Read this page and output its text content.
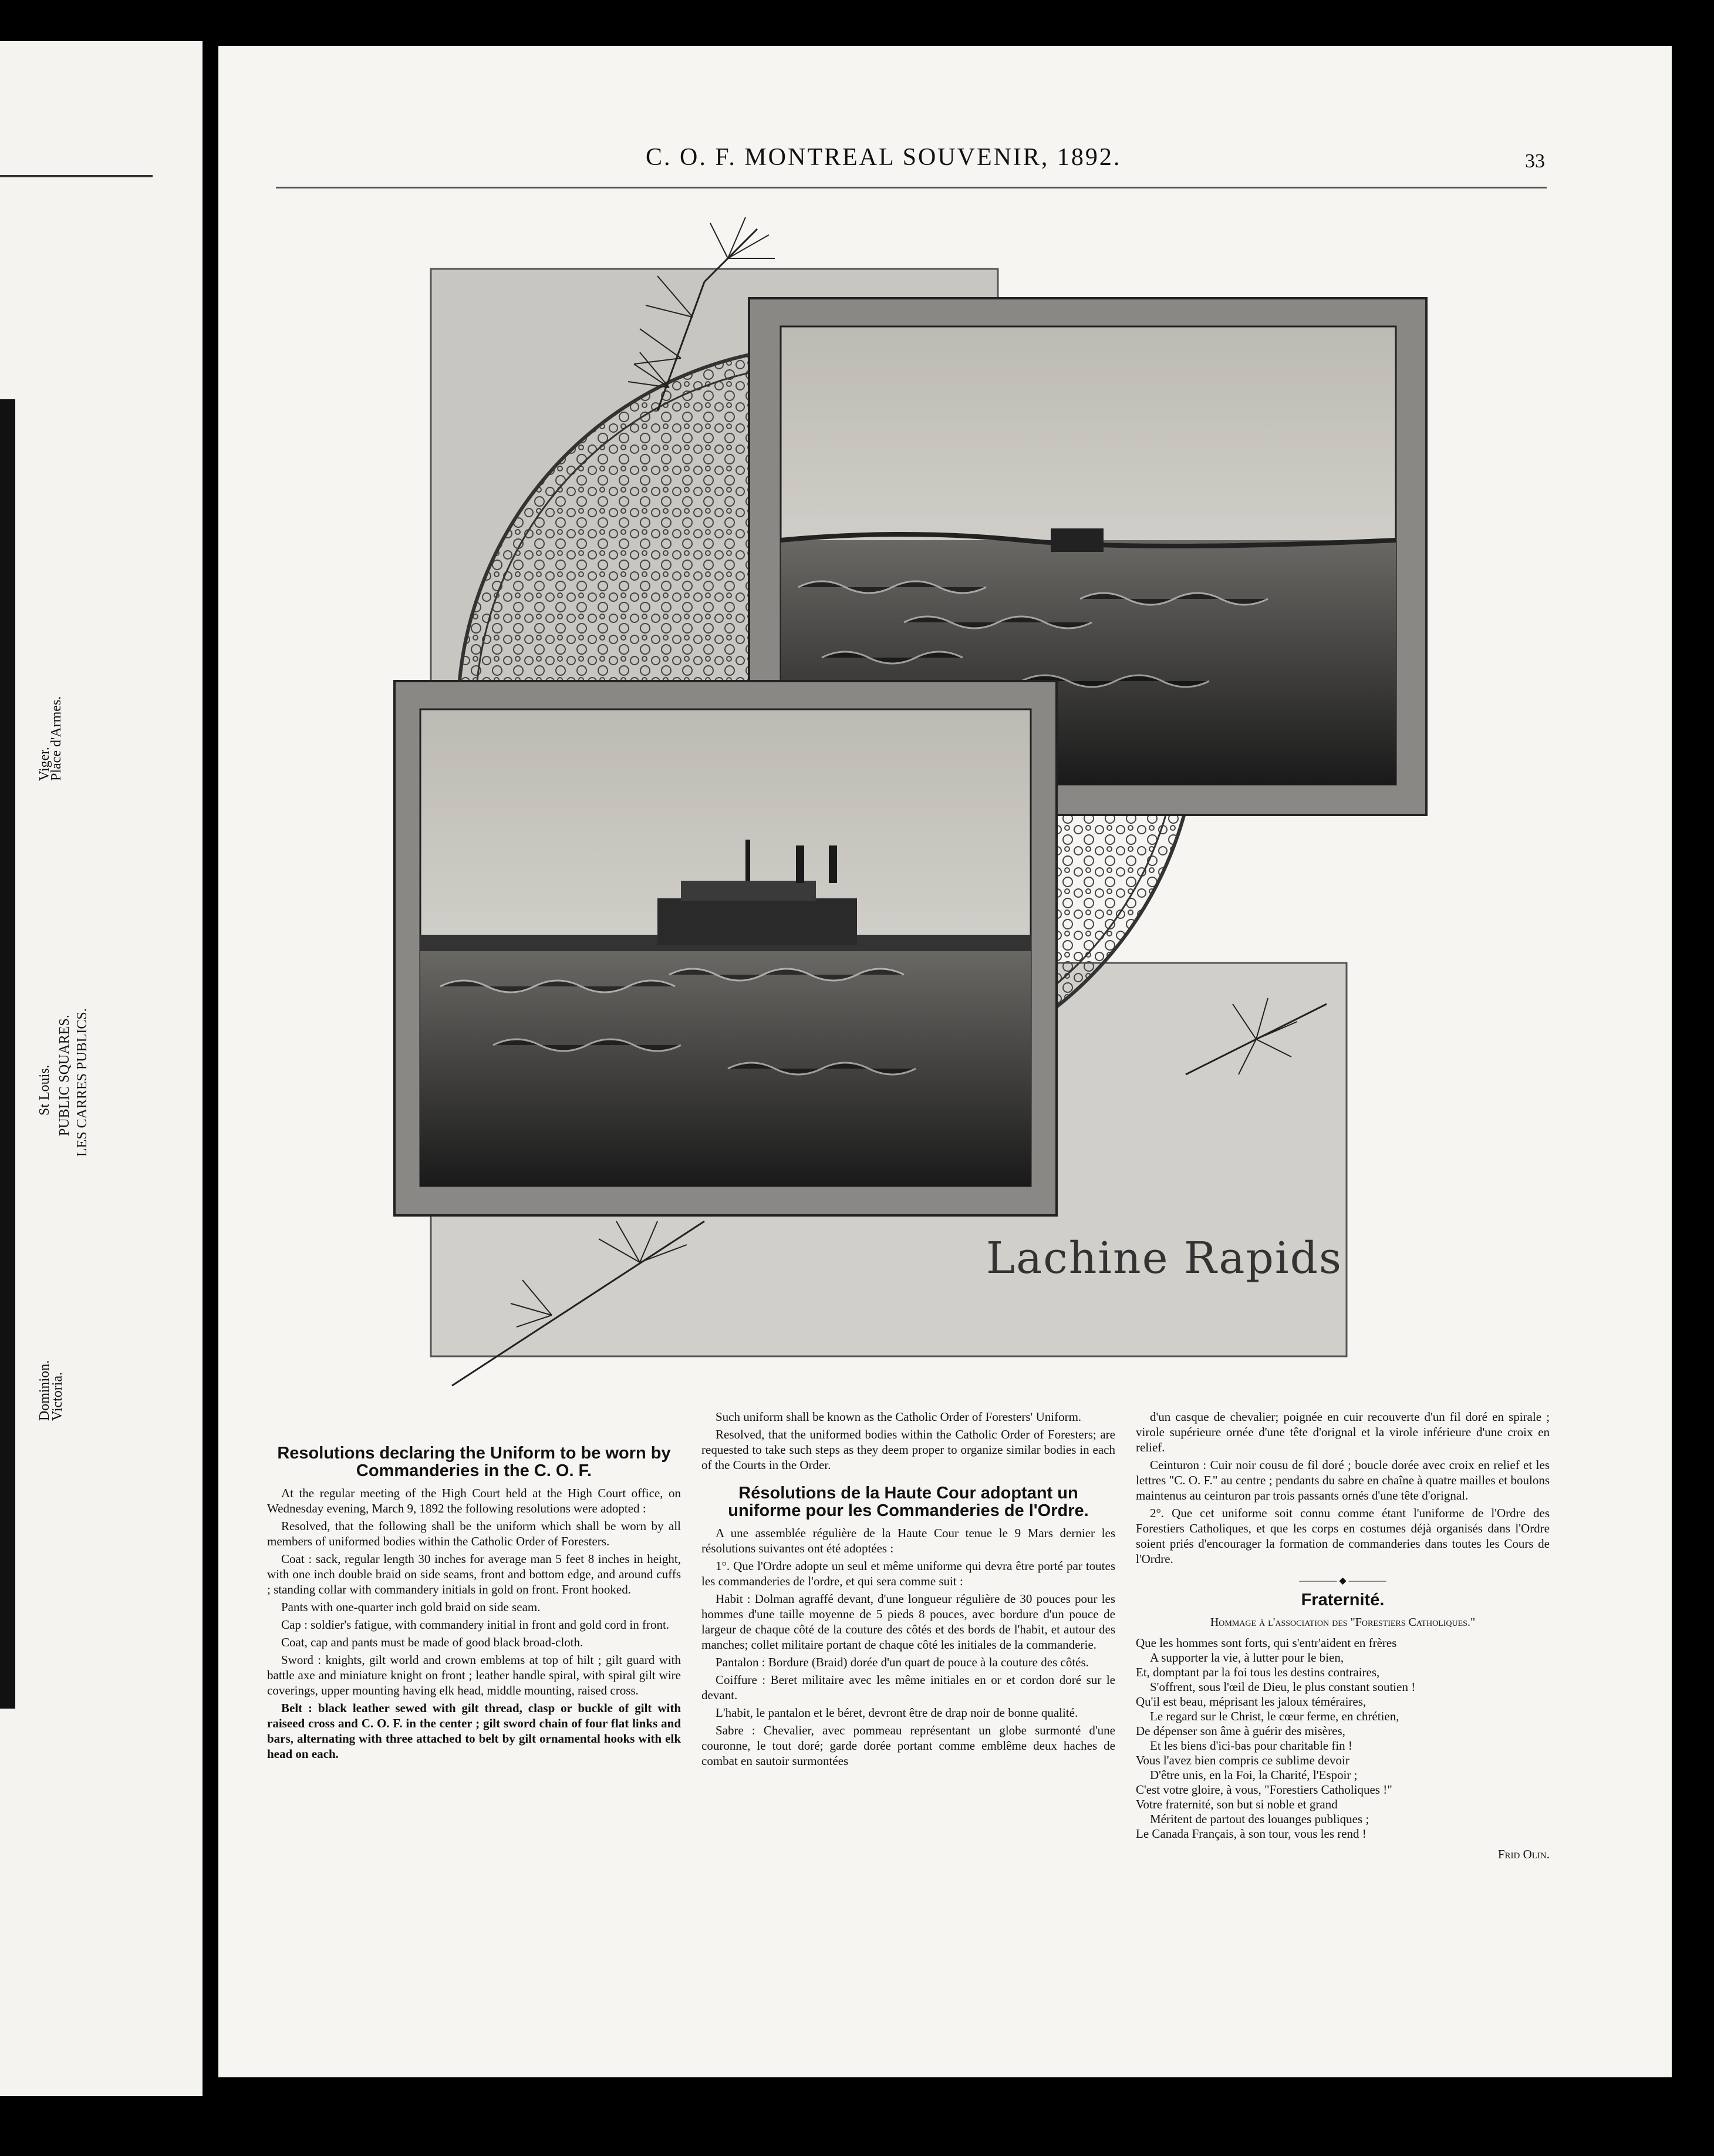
Viger.
Place d'Armes.
St Louis. PUBLIC SQUARES. LES CARRES PUBLICS.
Dominion.
Victoria.
C. O. F. MONTREAL SOUVENIR, 1892.	33
Lachine Rapids
Resolutions declaring the Uniform to be worn by Commanderies in the C. O. F.

At the regular meeting of the High Court held at the High Court office, on Wednesday evening, March 9, 1892 the following resolutions were adopted :

Resolved, that the following shall be the uniform which shall be worn by all members of uniformed bodies within the Catholic Order of Foresters.

Coat : sack, regular length 30 inches for average man 5 feet 8 inches in height, with one inch double braid on side seams, front and bottom edge, and around cuffs ; standing collar with commandery initials in gold on front. Front hooked.

Pants with one-quarter inch gold braid on side seam.

Cap : soldier's fatigue, with commandery initial in front and gold cord in front.

Coat, cap and pants must be made of good black broad-cloth.

Sword : knights, gilt world and crown emblems at top of hilt ; gilt guard with battle axe and miniature knight on front ; leather handle spiral, with spiral gilt wire coverings, upper mounting having elk head, middle mounting, raised cross.

Belt : black leather sewed with gilt thread, clasp or buckle of gilt with raiseed cross and C. O. F. in the center ; gilt sword chain of four flat links and bars, alternating with three attached to belt by gilt ornamental hooks with elk head on each.

Such uniform shall be known as the Catholic Order of Foresters' Uniform.

Resolved, that the uniformed bodies within the Catholic Order of Foresters; are requested to take such steps as they deem proper to organize similar bodies in each of the Courts in the Order.

Résolutions de la Haute Cour adoptant un uniforme pour les Commanderies de l'Ordre.

A une assemblée régulière de la Haute Cour tenue le 9 Mars dernier les résolutions suivantes ont été adoptées :

1°. Que l'Ordre adopte un seul et même uniforme qui devra être porté par toutes les commanderies de l'ordre, et qui sera comme suit :

Habit : Dolman agraffé devant, d'une longueur régulière de 30 pouces pour les hommes d'une taille moyenne de 5 pieds 8 pouces, avec bordure d'un pouce de largeur de chaque côté de la couture des côtés et des bords de l'habit, et autour des manches; collet militaire portant de chaque côté les initiales de la commanderie.

Pantalon : Bordure (Braid) dorée d'un quart de pouce à la couture des côtés.

Coiffure : Beret militaire avec les même initiales en or et cordon doré sur le devant.

L'habit, le pantalon et le béret, devront être de drap noir de bonne qualité.

Sabre : Chevalier, avec pommeau représentant un globe surmonté d'une couronne, le tout doré; garde dorée portant comme emblême deux haches de combat en sautoir surmontées

d'un casque de chevalier; poignée en cuir recouverte d'un fil doré en spirale ; virole supérieure ornée d'une tête d'orignal et la virole inférieure d'une croix en relief.

Ceinturon : Cuir noir cousu de fil doré ; boucle dorée avec croix en relief et les lettres "C. O. F." au centre ; pendants du sabre en chaîne à quatre mailles et boulons maintenus au ceinturon par trois passants ornés d'une tête d'orignal.

2°. Que cet uniforme soit connu comme étant l'uniforme de l'Ordre des Forestiers Catholiques, et que les corps en costumes déjà organisés dans l'Ordre soient priés d'encourager la formation de commanderies dans toutes les Cours de l'Ordre.

———— ◆ ————
Fraternité.
Hommage à l'association des "Forestiers Catholiques."
Que les hommes sont forts, qui s'entr'aident en frères
A supporter la vie, à lutter pour le bien,
Et, domptant par la foi tous les destins contraires,
S'offrent, sous l'œil de Dieu, le plus constant soutien !
Qu'il est beau, méprisant les jaloux téméraires,
Le regard sur le Christ, le cœur ferme, en chrétien,
De dépenser son âme à guérir des misères,
Et les biens d'ici-bas pour charitable fin !
Vous l'avez bien compris ce sublime devoir
D'être unis, en la Foi, la Charité, l'Espoir ;
C'est votre gloire, à vous, "Forestiers Catholiques !"
Votre fraternité, son but si noble et grand
Méritent de partout des louanges publiques ;
Le Canada Français, à son tour, vous les rend !
Frid Olin.
